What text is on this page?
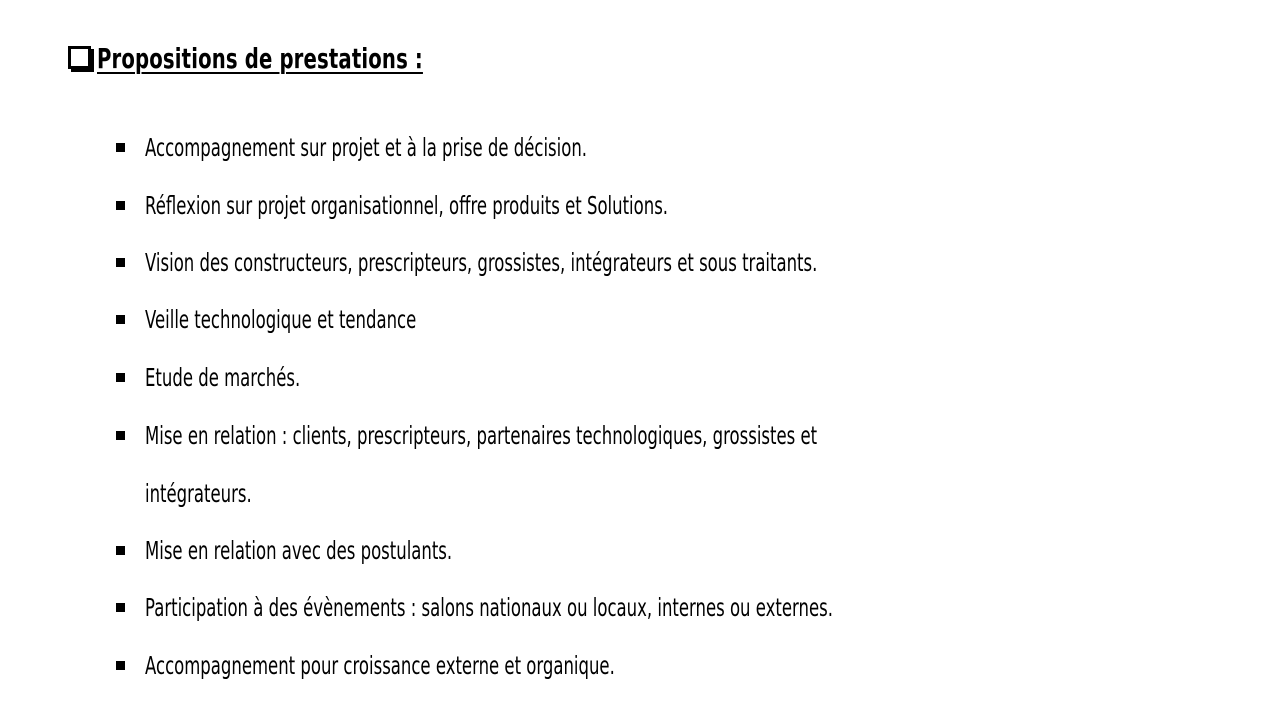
Propositions de prestations :
Accompagnement sur projet et à la prise de décision.
Réflexion sur projet organisationnel, offre produits et Solutions.
Vision des constructeurs, prescripteurs, grossistes, intégrateurs et sous traitants.
Veille technologique et tendance
Etude de marchés.
Mise en relation : clients, prescripteurs, partenaires technologiques, grossistes et
intégrateurs.
Mise en relation avec des postulants.
Participation à des évènements : salons nationaux ou locaux, internes ou externes.
Accompagnement pour croissance externe et organique.
